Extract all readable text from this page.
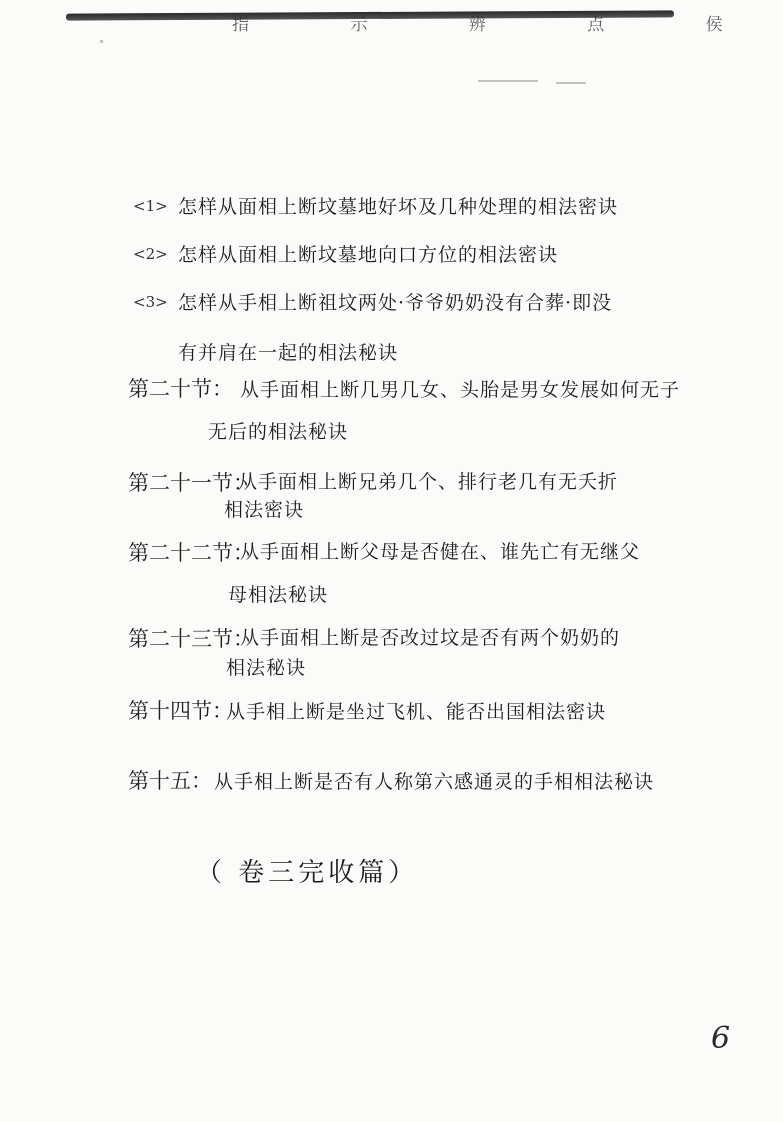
指 示 辨 点 侯
<1> 怎样从面相上断坟墓地好坏及几种处理的相法密诀
<2> 怎样从面相上断坟墓地向口方位的相法密诀
<3> 怎样从手相上断祖坟两处·爷爷奶奶没有合葬·即没
有并肩在一起的相法秘诀
第二十节： 从手面相上断几男几女、头胎是男女发展如何无子
无后的相法秘诀
第二十一节：
从手面相上断兄弟几个、排行老几有无夭折
相法密诀
第二十二节：
从手面相上断父母是否健在、谁先亡有无继父
母相法秘诀
第二十三节：
从手面相上断是否改过坟是否有两个奶奶的
相法秘诀
第十四节：
从手相上断是坐过飞机、能否出国相法密诀
第十五： 从手相上断是否有人称第六感通灵的手相相法秘诀
（ 卷三完收篇）
6
